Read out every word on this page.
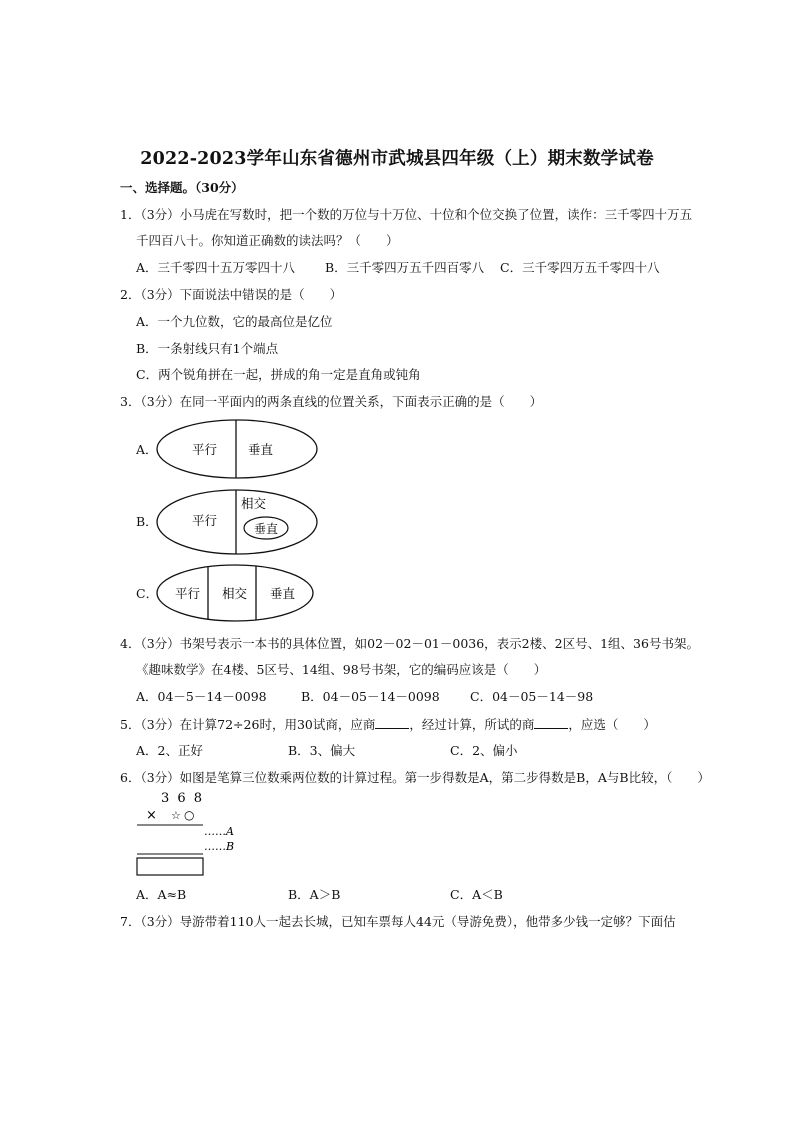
2022-2023学年山东省德州市武城县四年级（上）期末数学试卷
一、选择题。（30分）
1．（3分）小马虎在写数时，把一个数的万位与十万位、十位和个位交换了位置，读作：三千零四十万五
千四百八十。你知道正确数的读法吗？（　　）
A．三千零四十五万零四十八 B．三千零四万五千四百零八 C．三千零四万五千零四十八
2．（3分）下面说法中错误的是（　　）
A．一个九位数，它的最高位是亿位
B．一条射线只有1个端点
C．两个锐角拼在一起，拼成的角一定是直角或钝角
3．（3分）在同一平面内的两条直线的位置关系，下面表示正确的是（　　）
A．	平行 垂直
B．	平行
相交
垂直
C． 平行 相交 垂直
4．（3分）书架号表示一本书的具体位置，如02－02－01－0036，表示2楼、2区号、1组、36号书架。
《趣味数学》在4楼、5区号、14组、98号书架，它的编码应该是（　　）
A．04－5－14－0098	B．04－05－14－0098 C．04－05－14－98
5．（3分）在计算72÷26时，用30试商，应商	，经过计算，所试的商	，应选（　　）
A．2、正好	B．3、偏大	C．2、偏小
6．（3分）如图是笔算三位数乘两位数的计算过程。第一步得数是A，第二步得数是B，A与B比较，（　　）
3 6 8
× ☆ ○
……A
……B
A．A≈B	B．A＞B	C．A＜B
7．（3分）导游带着110人一起去长城，已知车票每人44元（导游免费），他带多少钱一定够？下面估
